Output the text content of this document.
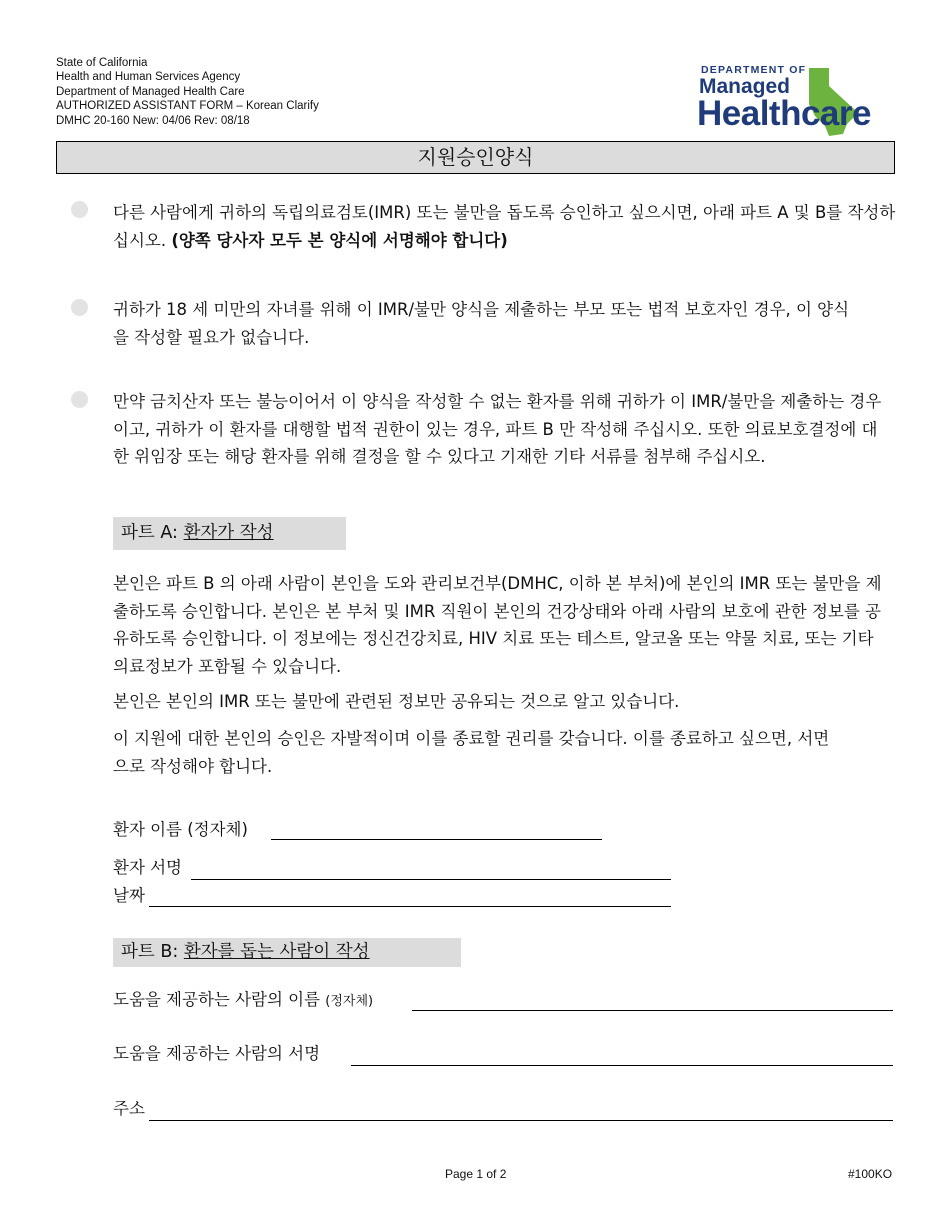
State of California
Health and Human Services Agency
Department of Managed Health Care
AUTHORIZED ASSISTANT FORM – Korean Clarify
DMHC 20-160 New: 04/06 Rev: 08/18
DEPARTMENT OF
Managed
Healthcare
지원승인양식
다른 사람에게 귀하의 독립의료검토(IMR) 또는 불만을 돕도록 승인하고 싶으시면, 아래 파트 A 및 B를 작성하십시오. (양쪽 당사자 모두 본 양식에 서명해야 합니다)
귀하가 18 세 미만의 자녀를 위해 이 IMR/불만 양식을 제출하는 부모 또는 법적 보호자인 경우, 이 양식을 작성할 필요가 없습니다.
만약 금치산자 또는 불능이어서 이 양식을 작성할 수 없는 환자를 위해 귀하가 이 IMR/불만을 제출하는 경우이고, 귀하가 이 환자를 대행할 법적 권한이 있는 경우, 파트 B 만 작성해 주십시오. 또한 의료보호결정에 대한 위임장 또는 해당 환자를 위해 결정을 할 수 있다고 기재한 기타 서류를 첨부해 주십시오.
파트 A: 환자가 작성
본인은 파트 B 의 아래 사람이 본인을 도와 관리보건부(DMHC, 이하 본 부처)에 본인의 IMR 또는 불만을 제출하도록 승인합니다. 본인은 본 부처 및 IMR 직원이 본인의 건강상태와 아래 사람의 보호에 관한 정보를 공유하도록 승인합니다. 이 정보에는 정신건강치료, HIV 치료 또는 테스트, 알코올 또는 약물 치료, 또는 기타 의료정보가 포함될 수 있습니다.
본인은 본인의 IMR 또는 불만에 관련된 정보만 공유되는 것으로 알고 있습니다.
이 지원에 대한 본인의 승인은 자발적이며 이를 종료할 권리를 갖습니다. 이를 종료하고 싶으면, 서면으로 작성해야 합니다.
환자 이름 (정자체)
환자 서명
날짜
파트 B: 환자를 돕는 사람이 작성
도움을 제공하는 사람의 이름 (정자체)
도움을 제공하는 사람의 서명
주소
Page 1 of 2	#100KO
